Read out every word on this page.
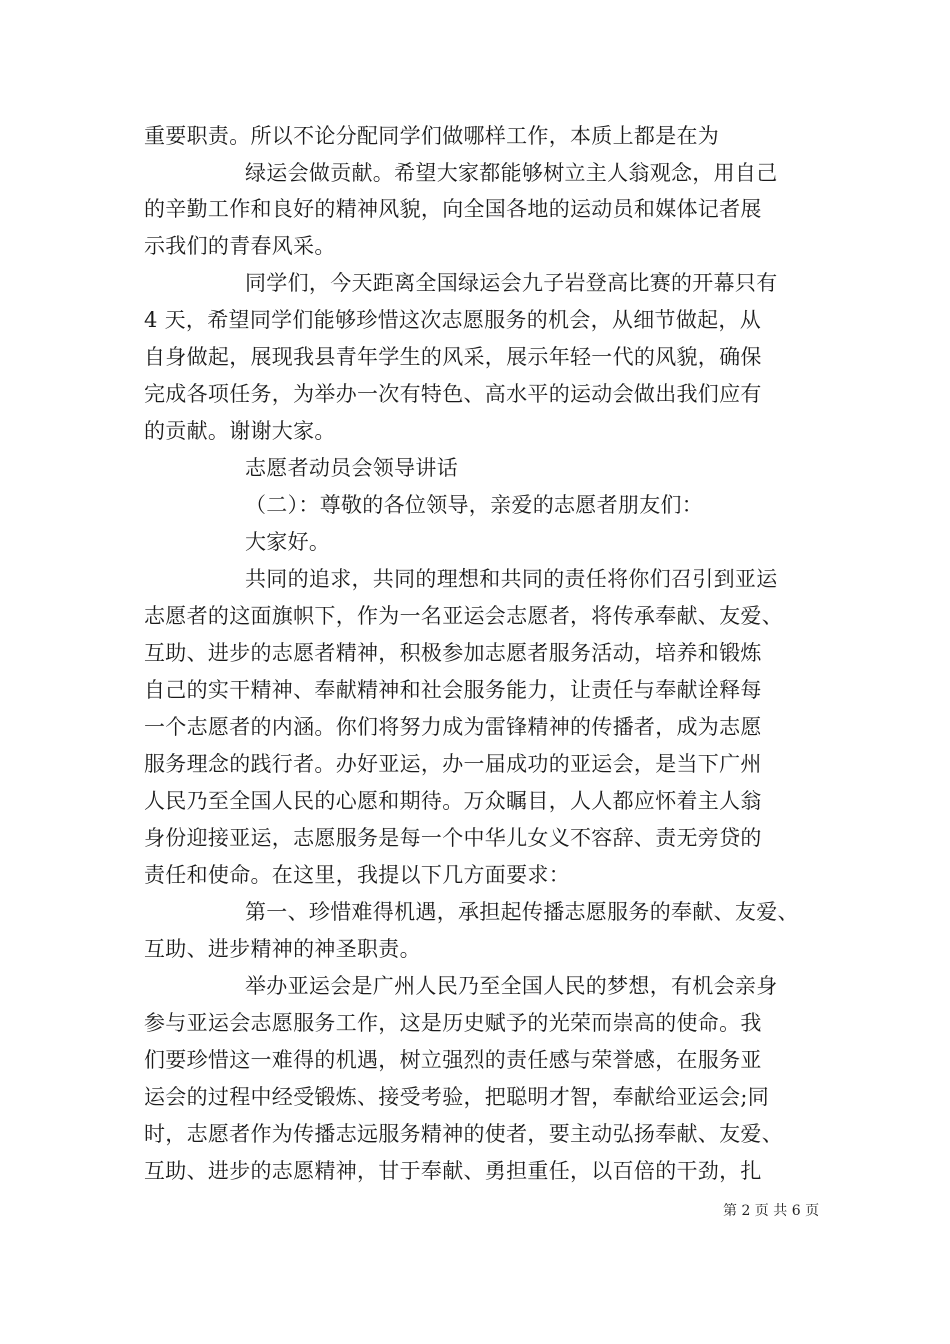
重要职责。所以不论分配同学们做哪样工作，本质上都是在为

绿运会做贡献。希望大家都能够树立主人翁观念，用自己

的辛勤工作和良好的精神风貌，向全国各地的运动员和媒体记者展

示我们的青春风采。

同学们，今天距离全国绿运会九子岩登高比赛的开幕只有

4 天，希望同学们能够珍惜这次志愿服务的机会，从细节做起，从

自身做起，展现我县青年学生的风采，展示年轻一代的风貌，确保

完成各项任务，为举办一次有特色、高水平的运动会做出我们应有

的贡献。谢谢大家。

志愿者动员会领导讲话

（二）：尊敬的各位领导，亲爱的志愿者朋友们：

大家好。

共同的追求，共同的理想和共同的责任将你们召引到亚运

志愿者的这面旗帜下，作为一名亚运会志愿者，将传承奉献、友爱、

互助、进步的志愿者精神，积极参加志愿者服务活动，培养和锻炼

自己的实干精神、奉献精神和社会服务能力，让责任与奉献诠释每

一个志愿者的内涵。你们将努力成为雷锋精神的传播者，成为志愿

服务理念的践行者。办好亚运，办一届成功的亚运会，是当下广州

人民乃至全国人民的心愿和期待。万众瞩目，人人都应怀着主人翁

身份迎接亚运，志愿服务是每一个中华儿女义不容辞、责无旁贷的

责任和使命。在这里，我提以下几方面要求：

第一、珍惜难得机遇，承担起传播志愿服务的奉献、友爱、

互助、进步精神的神圣职责。

举办亚运会是广州人民乃至全国人民的梦想，有机会亲身

参与亚运会志愿服务工作，这是历史赋予的光荣而崇高的使命。我

们要珍惜这一难得的机遇，树立强烈的责任感与荣誉感，在服务亚

运会的过程中经受锻炼、接受考验，把聪明才智，奉献给亚运会;同

时，志愿者作为传播志远服务精神的使者，要主动弘扬奉献、友爱、

互助、进步的志愿精神，甘于奉献、勇担重任，以百倍的干劲，扎

第 2 页 共 6 页
